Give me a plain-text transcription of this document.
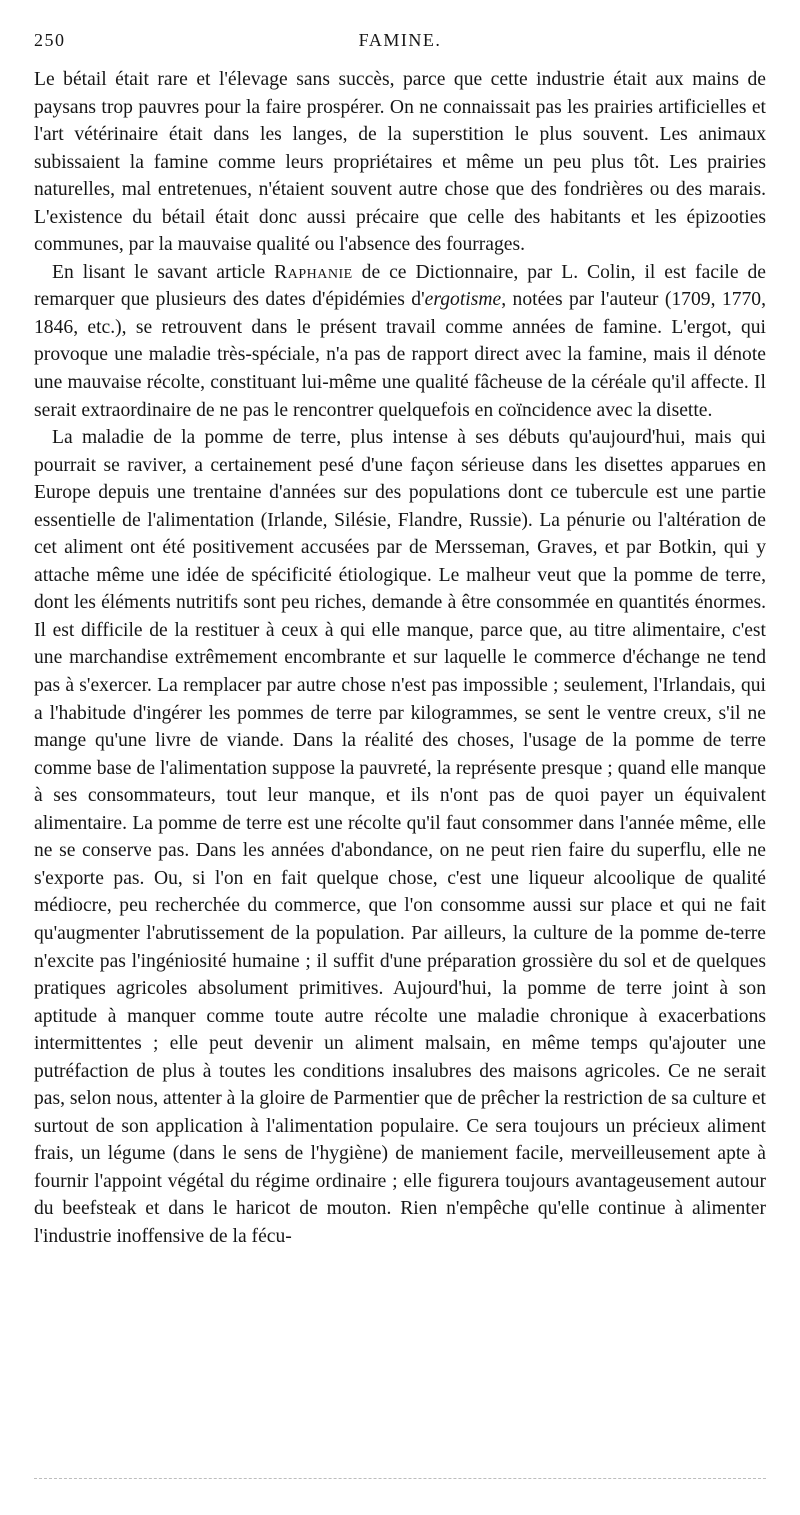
250	FAMINE.

Le bétail était rare et l'élevage sans succès, parce que cette industrie était aux mains de paysans trop pauvres pour la faire prospérer. On ne connaissait pas les prairies artificielles et l'art vétérinaire était dans les langes, de la superstition le plus souvent. Les animaux subissaient la famine comme leurs propriétaires et même un peu plus tôt. Les prairies naturelles, mal entretenues, n'étaient souvent autre chose que des fondrières ou des marais. L'existence du bétail était donc aussi précaire que celle des habitants et les épizooties communes, par la mauvaise qualité ou l'absence des fourrages.

En lisant le savant article Raphanie de ce Dictionnaire, par L. Colin, il est facile de remarquer que plusieurs des dates d'épidémies d'ergotisme, notées par l'auteur (1709, 1770, 1846, etc.), se retrouvent dans le présent travail comme années de famine. L'ergot, qui provoque une maladie très-spéciale, n'a pas de rapport direct avec la famine, mais il dénote une mauvaise récolte, constituant lui-même une qualité fâcheuse de la céréale qu'il affecte. Il serait extraordinaire de ne pas le rencontrer quelquefois en coïncidence avec la disette.

La maladie de la pomme de terre, plus intense à ses débuts qu'aujourd'hui, mais qui pourrait se raviver, a certainement pesé d'une façon sérieuse dans les disettes apparues en Europe depuis une trentaine d'années sur des populations dont ce tubercule est une partie essentielle de l'alimentation (Irlande, Silésie, Flandre, Russie). La pénurie ou l'altération de cet aliment ont été positivement accusées par de Mersseman, Graves, et par Botkin, qui y attache même une idée de spécificité étiologique. Le malheur veut que la pomme de terre, dont les éléments nutritifs sont peu riches, demande à être consommée en quantités énormes. Il est difficile de la restituer à ceux à qui elle manque, parce que, au titre alimentaire, c'est une marchandise extrêmement encombrante et sur laquelle le commerce d'échange ne tend pas à s'exercer. La remplacer par autre chose n'est pas impossible ; seulement, l'Irlandais, qui a l'habitude d'ingérer les pommes de terre par kilogrammes, se sent le ventre creux, s'il ne mange qu'une livre de viande. Dans la réalité des choses, l'usage de la pomme de terre comme base de l'alimentation suppose la pauvreté, la représente presque ; quand elle manque à ses consommateurs, tout leur manque, et ils n'ont pas de quoi payer un équivalent alimentaire. La pomme de terre est une récolte qu'il faut consommer dans l'année même, elle ne se conserve pas. Dans les années d'abondance, on ne peut rien faire du superflu, elle ne s'exporte pas. Ou, si l'on en fait quelque chose, c'est une liqueur alcoolique de qualité médiocre, peu recherchée du commerce, que l'on consomme aussi sur place et qui ne fait qu'augmenter l'abrutissement de la population. Par ailleurs, la culture de la pomme de-terre n'excite pas l'ingéniosité humaine ; il suffit d'une préparation grossière du sol et de quelques pratiques agricoles absolument primitives. Aujourd'hui, la pomme de terre joint à son aptitude à manquer comme toute autre récolte une maladie chronique à exacerbations intermittentes ; elle peut devenir un aliment malsain, en même temps qu'ajouter une putréfaction de plus à toutes les conditions insalubres des maisons agricoles. Ce ne serait pas, selon nous, attenter à la gloire de Parmentier que de prêcher la restriction de sa culture et surtout de son application à l'alimentation populaire. Ce sera toujours un précieux aliment frais, un légume (dans le sens de l'hygiène) de maniement facile, merveilleusement apte à fournir l'appoint végétal du régime ordinaire ; elle figurera toujours avantageusement autour du beefsteak et dans le haricot de mouton. Rien n'empêche qu'elle continue à alimenter l'industrie inoffensive de la fécu-
